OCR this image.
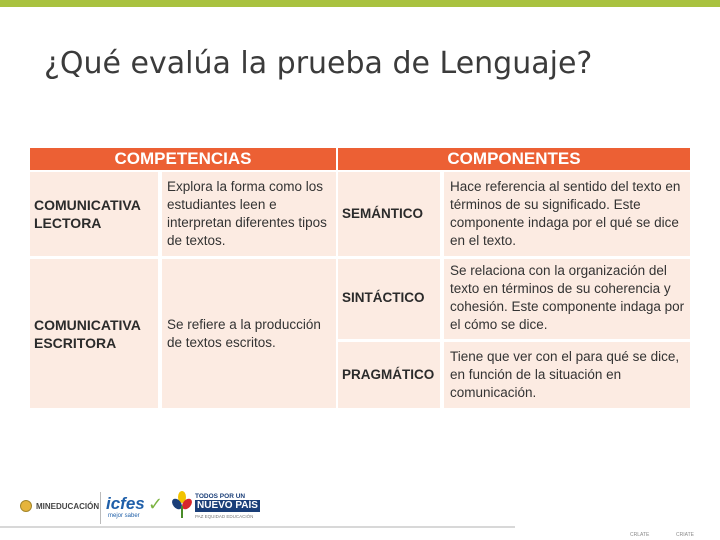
¿Qué evalúa la prueba de Lenguaje?
COMPETENCIAS	COMPONENTES
COMUNICATIVA LECTORA
Explora la forma como los estudiantes leen e interpretan diferentes tipos de textos.
COMUNICATIVA ESCRITORA
Se refiere a la producción de textos escritos.
SEMÁNTICO
Hace referencia al sentido del texto en términos de su significado. Este componente indaga por el qué se dice en el texto.
SINTÁCTICO
Se relaciona con la organización del texto en términos de su coherencia y cohesión. Este componente indaga por el cómo se dice.
PRAGMÁTICO
Tiene que ver con el para qué se dice, en función de la situación en comunicación.
MINEDUCACIÓN icfes ✓
mejor saber
TODOS POR UN
NUEVO PAÍS
PAZ EQUIDAD EDUCACIÓN
CRLATE	CRIATE
